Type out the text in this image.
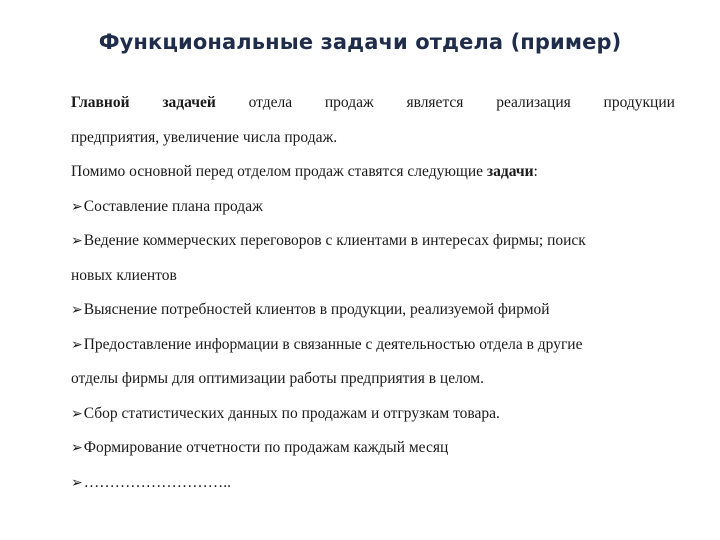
Функциональные задачи отдела (пример)
Главной задачей отдела продаж является реализация продукции
предприятия, увеличение числа продаж.
Помимо основной перед отделом продаж ставятся следующие задачи:
➢Составление плана продаж
➢Ведение коммерческих переговоров с клиентами в интересах фирмы; поиск
новых клиентов
➢Выяснение потребностей клиентов в продукции, реализуемой фирмой
➢Предоставление информации в связанные с деятельностью отдела в другие
отделы фирмы для оптимизации работы предприятия в целом.
➢Сбор статистических данных по продажам и отгрузкам товара.
➢Формирование отчетности по продажам каждый месяц
➢………………………..
